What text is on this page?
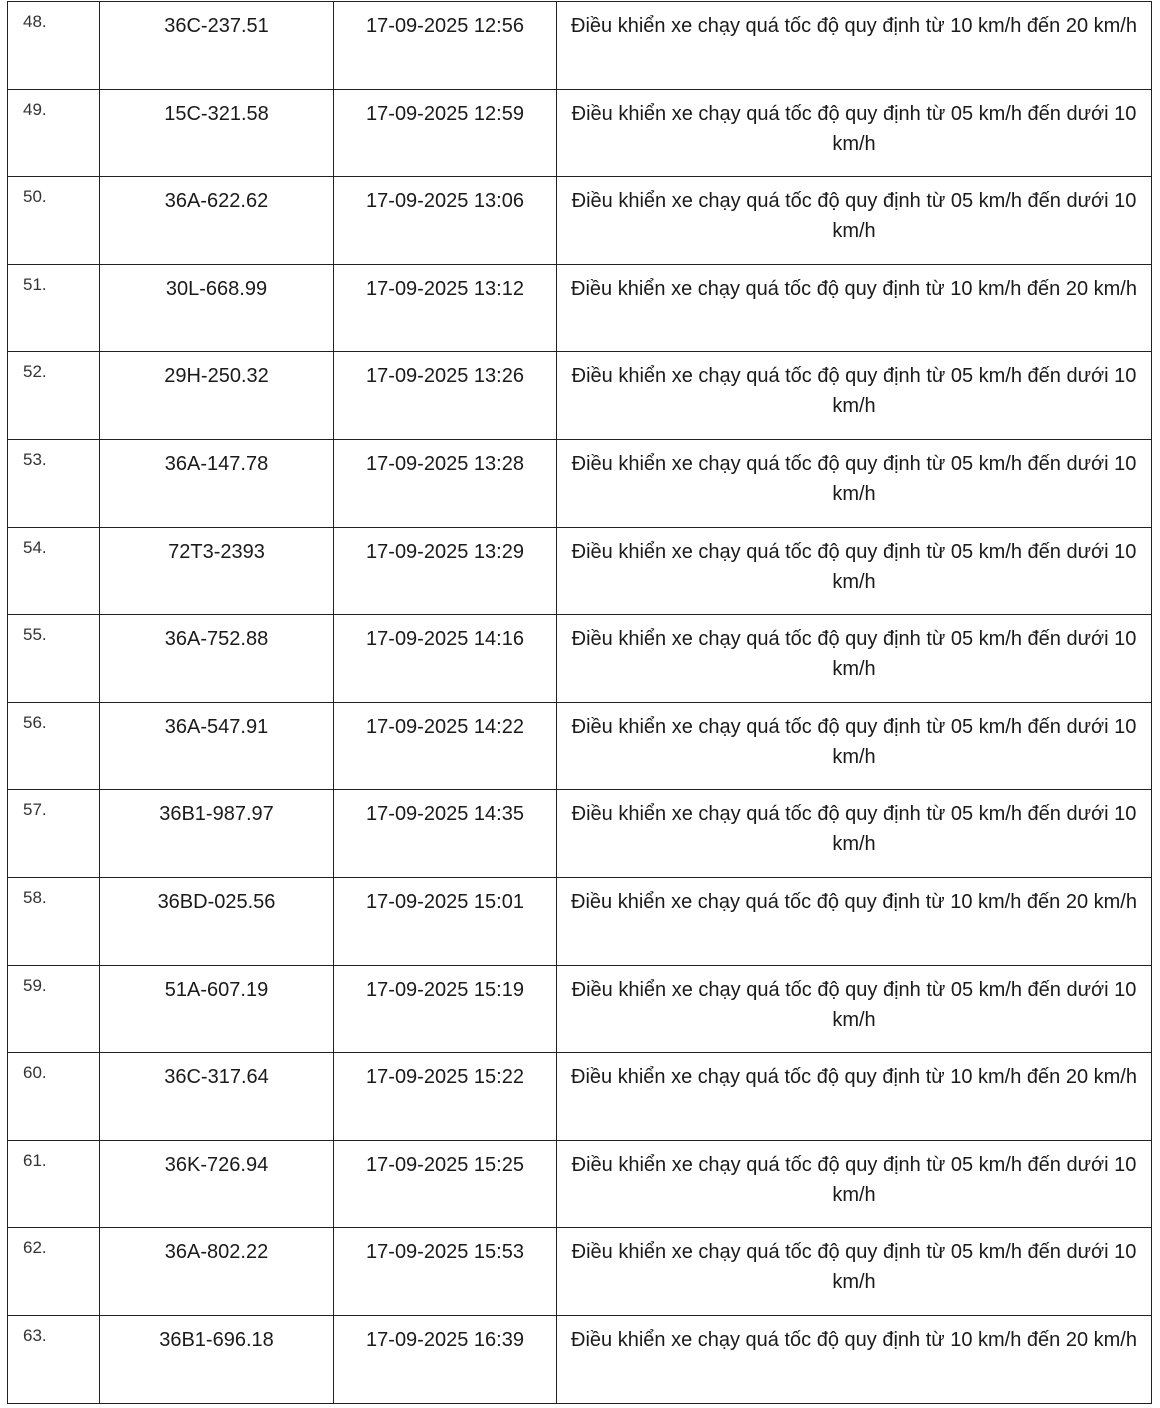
48.	36C-237.51	17-09-2025 12:56	Điều khiển xe chạy quá tốc độ quy định từ 10 km/h đến 20 km/h
49.	15C-321.58	17-09-2025 12:59	Điều khiển xe chạy quá tốc độ quy định từ 05 km/h đến dưới 10 km/h
50.	36A-622.62	17-09-2025 13:06	Điều khiển xe chạy quá tốc độ quy định từ 05 km/h đến dưới 10 km/h
51.	30L-668.99	17-09-2025 13:12	Điều khiển xe chạy quá tốc độ quy định từ 10 km/h đến 20 km/h
52.	29H-250.32	17-09-2025 13:26	Điều khiển xe chạy quá tốc độ quy định từ 05 km/h đến dưới 10 km/h
53.	36A-147.78	17-09-2025 13:28	Điều khiển xe chạy quá tốc độ quy định từ 05 km/h đến dưới 10 km/h
54.	72T3-2393	17-09-2025 13:29	Điều khiển xe chạy quá tốc độ quy định từ 05 km/h đến dưới 10 km/h
55.	36A-752.88	17-09-2025 14:16	Điều khiển xe chạy quá tốc độ quy định từ 05 km/h đến dưới 10 km/h
56.	36A-547.91	17-09-2025 14:22	Điều khiển xe chạy quá tốc độ quy định từ 05 km/h đến dưới 10 km/h
57.	36B1-987.97	17-09-2025 14:35	Điều khiển xe chạy quá tốc độ quy định từ 05 km/h đến dưới 10 km/h
58.	36BD-025.56	17-09-2025 15:01	Điều khiển xe chạy quá tốc độ quy định từ 10 km/h đến 20 km/h
59.	51A-607.19	17-09-2025 15:19	Điều khiển xe chạy quá tốc độ quy định từ 05 km/h đến dưới 10 km/h
60.	36C-317.64	17-09-2025 15:22	Điều khiển xe chạy quá tốc độ quy định từ 10 km/h đến 20 km/h
61.	36K-726.94	17-09-2025 15:25	Điều khiển xe chạy quá tốc độ quy định từ 05 km/h đến dưới 10 km/h
62.	36A-802.22	17-09-2025 15:53	Điều khiển xe chạy quá tốc độ quy định từ 05 km/h đến dưới 10 km/h
63.	36B1-696.18	17-09-2025 16:39	Điều khiển xe chạy quá tốc độ quy định từ 10 km/h đến 20 km/h
